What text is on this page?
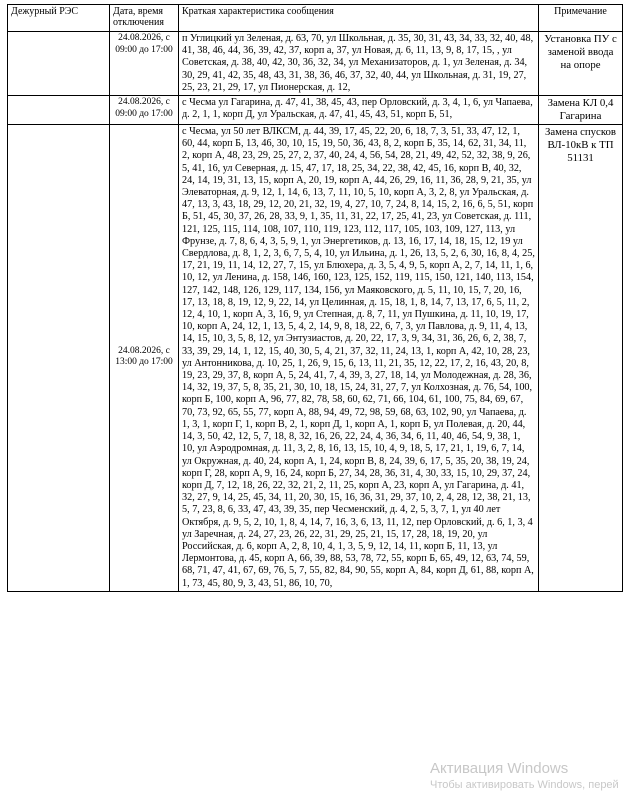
Дежурный РЭС	Дата, время отключения	Краткая характеристика сообщения	Примечание
	24.08.2026, с 09:00 до 17:00	п Углицкий ул Зеленая, д. 63, 70, ул Школьная, д. 35, 30, 31, 43, 34, 33, 32, 40, 48, 41, 38, 46, 44, 36, 39, 42, 37, корп а, 37, ул Новая, д. 6, 11, 13, 9, 8, 17, 15, , ул Советская, д. 38, 40, 42, 30, 36, 32, 34, ул Механизаторов, д. 1, ул Зеленая, д. 34, 30, 29, 41, 42, 35, 48, 43, 31, 38, 36, 46, 37, 32, 40, 44, ул Школьная, д. 31, 19, 27, 25, 23, 21, 29, 17, ул Пионерская, д. 12,	Установка ПУ с заменой ввода на опоре
	24.08.2026, с 09:00 до 17:00	с Чесма ул Гагарина, д. 47, 41, 38, 45, 43, пер Орловский, д. 3, 4, 1, 6, ул Чапаева, д. 2, 1, 1, корп Д, ул Уральская, д. 47, 41, 45, 43, 51, корп Б, 51,	Замена КЛ 0,4 Гагарина
	24.08.2026, с 13:00 до 17:00	с Чесма, ул 50 лет ВЛКСМ, д. 44, 39, 17, 45, 22, 20, 6, 18, 7, 3, 51, 33, 47, 12, 1, 60, 44, корп Б, 13, 46, 30, 10, 15, 19, 50, 36, 43, 8, 2, корп Б, 35, 14, 62, 31, 34, 11, 2, корп А, 48, 23, 29, 25, 27, 2, 37, 40, 24, 4, 56, 54, 28, 21, 49, 42, 52, 32, 38, 9, 26, 5, 41, 16, ул Северная, д. 15, 47, 17, 18, 25, 34, 22, 38, 42, 45, 16, корп В, 40, 32, 24, 14, 19, 31, 13, 15, корп А, 20, 19, корп А, 44, 26, 29, 16, 11, 36, 28, 9, 21, 35, ул Элеваторная, д. 9, 12, 1, 14, 6, 13, 7, 11, 10, 5, 10, корп А, 3, 2, 8, ул Уральская, д. 47, 13, 3, 43, 18, 29, 12, 20, 21, 32, 19, 4, 27, 10, 7, 24, 8, 14, 15, 2, 16, 6, 5, 51, корп Б, 51, 45, 30, 37, 26, 28, 33, 9, 1, 35, 11, 31, 22, 17, 25, 41, 23, ул Советская, д. 111, 121, 125, 115, 114, 108, 107, 110, 119, 123, 112, 117, 105, 103, 109, 127, 113, ул Фрунзе, д. 7, 8, 6, 4, 3, 5, 9, 1, ул Энергетиков, д. 13, 16, 17, 14, 18, 15, 12, 19 ул Свердлова, д. 8, 1, 2, 3, 6, 7, 5, 4, 10, ул Ильина, д. 1, 26, 13, 5, 2, 6, 30, 16, 8, 4, 25, 17, 21, 19, 11, 14, 12, 27, 7, 15, ул Блюхера, д. 3, 5, 4, 9, 5, корп А, 2, 7, 14, 11, 1, 6, 10, 12, ул Ленина, д. 158, 146, 160, 123, 125, 152, 119, 115, 150, 121, 140, 113, 154, 127, 142, 148, 126, 129, 117, 134, 156, ул Маяковского, д. 5, 11, 10, 15, 7, 20, 16, 17, 13, 18, 8, 19, 12, 9, 22, 14, ул Целинная, д. 15, 18, 1, 8, 14, 7, 13, 17, 6, 5, 11, 2, 12, 4, 10, 1, корп А, 3, 16, 9, ул Степная, д. 8, 7, 11, ул Пушкина, д. 11, 10, 19, 17, 10, корп А, 24, 12, 1, 13, 5, 4, 2, 14, 9, 8, 18, 22, 6, 7, 3, ул Павлова, д. 9, 11, 4, 13, 14, 15, 10, 3, 5, 8, 12, ул Энтузиастов, д. 20, 22, 17, 3, 9, 34, 31, 36, 26, 6, 2, 38, 7, 33, 39, 29, 14, 1, 12, 15, 40, 30, 5, 4, 21, 37, 32, 11, 24, 13, 1, корп А, 42, 10, 28, 23, ул Антонникова, д. 10, 25, 1, 26, 9, 15, 6, 13, 11, 21, 35, 12, 22, 17, 2, 16, 43, 20, 8, 19, 23, 29, 37, 8, корп А, 5, 24, 41, 7, 4, 39, 3, 27, 18, 14, ул Молодежная, д. 28, 36, 14, 32, 19, 37, 5, 8, 35, 21, 30, 10, 18, 15, 24, 31, 27, 7, ул Колхозная, д. 76, 54, 100, корп Б, 100, корп А, 96, 77, 82, 78, 58, 60, 62, 71, 66, 104, 61, 100, 75, 84, 69, 67, 70, 73, 92, 65, 55, 77, корп А, 88, 94, 49, 72, 98, 59, 68, 63, 102, 90, ул Чапаева, д. 1, 3, 1, корп Г, 1, корп В, 2, 1, корп Д, 1, корп А, 1, корп Б, ул Полевая, д. 20, 44, 14, 3, 50, 42, 12, 5, 7, 18, 8, 32, 16, 26, 22, 24, 4, 36, 34, 6, 11, 40, 46, 54, 9, 38, 1, 10, ул Аэродромная, д. 11, 3, 2, 8, 16, 13, 15, 10, 4, 9, 18, 5, 17, 21, 1, 19, 6, 7, 14, ул Окружная, д. 40, 24, корп А, 1, 24, корп В, 8, 24, 39, 6, 17, 5, 35, 20, 38, 19, 24, корп Г, 28, корп А, 9, 16, 24, корп Б, 27, 34, 28, 36, 31, 4, 30, 33, 15, 10, 29, 37, 24, корп Д, 7, 12, 18, 26, 22, 32, 21, 2, 11, 25, корп А, 23, корп А, ул Гагарина, д. 41, 32, 27, 9, 14, 25, 45, 34, 11, 20, 30, 15, 16, 36, 31, 29, 37, 10, 2, 4, 28, 12, 38, 21, 13, 5, 7, 23, 8, 6, 33, 47, 43, 39, 35, пер Чесменский, д. 4, 2, 5, 3, 7, 1, ул 40 лет Октября, д. 9, 5, 2, 10, 1, 8, 4, 14, 7, 16, 3, 6, 13, 11, 12, пер Орловский, д. 6, 1, 3, 4 ул Заречная, д. 24, 27, 23, 26, 22, 31, 29, 25, 21, 15, 17, 28, 18, 19, 20, ул Российская, д. 6, корп А, 2, 8, 10, 4, 1, 3, 5, 9, 12, 14, 11, корп Б, 11, 13, ул Лермонтова, д. 45, корп А, 66, 39, 88, 53, 78, 72, 55, корп Б, 65, 49, 12, 63, 74, 59, 68, 71, 47, 41, 67, 69, 76, 5, 7, 55, 82, 84, 90, 55, корп А, 84, корп Д, 61, 88, корп А, 1, 73, 45, 80, 9, 3, 43, 51, 86, 10, 70,	Замена спусков ВЛ-10кВ к ТП 51131
Активация Windows
Чтобы активировать Windows, перей
